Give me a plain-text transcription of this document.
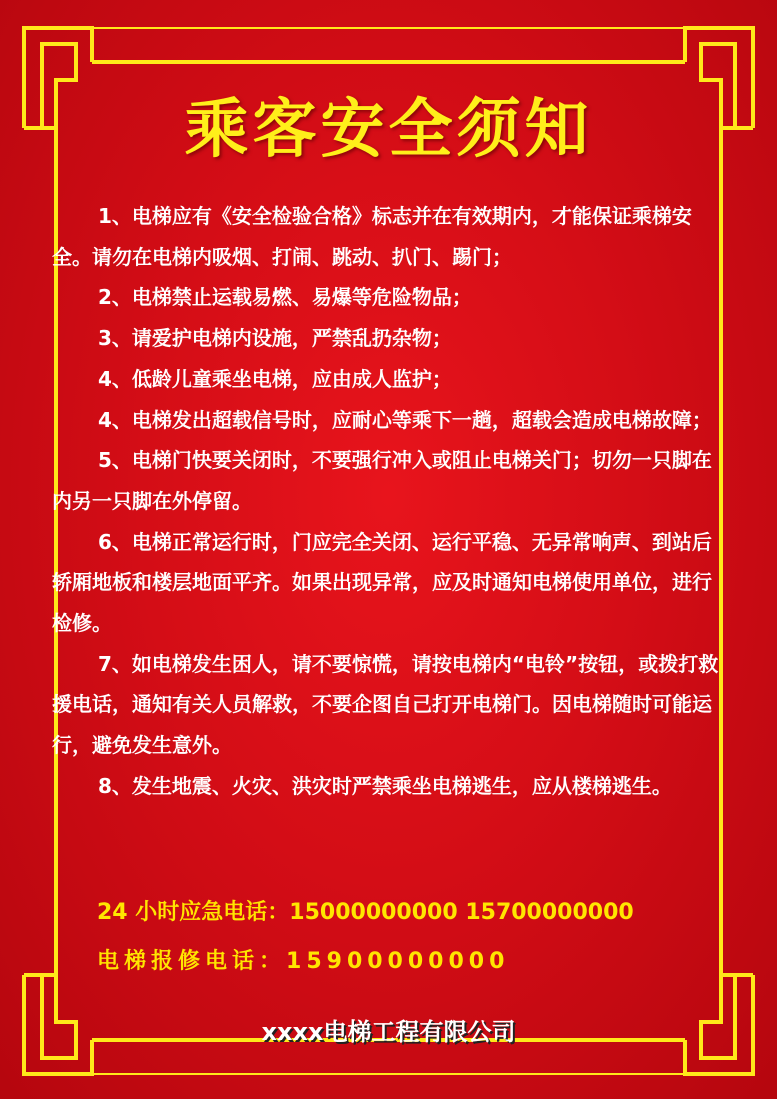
乘客安全须知

1、电梯应有《安全检验合格》标志并在有效期内，才能保证乘梯安全。请勿在电梯内吸烟、打闹、跳动、扒门、踢门；

2、电梯禁止运载易燃、易爆等危险物品；

3、请爱护电梯内设施，严禁乱扔杂物；

4、低龄儿童乘坐电梯，应由成人监护；

4、电梯发出超载信号时，应耐心等乘下一趟，超载会造成电梯故障；

5、电梯门快要关闭时，不要强行冲入或阻止电梯关门；切勿一只脚在内另一只脚在外停留。

6、电梯正常运行时，门应完全关闭、运行平稳、无异常响声、到站后轿厢地板和楼层地面平齐。如果出现异常，应及时通知电梯使用单位，进行检修。

7、如电梯发生困人，请不要惊慌，请按电梯内“电铃”按钮，或拨打救援电话，通知有关人员解救，不要企图自己打开电梯门。因电梯随时可能运行，避免发生意外。

8、发生地震、火灾、洪灾时严禁乘坐电梯逃生，应从楼梯逃生。

24 小时应急电话：15000000000 15700000000
电梯报修电话：15900000000
xxxx电梯工程有限公司
